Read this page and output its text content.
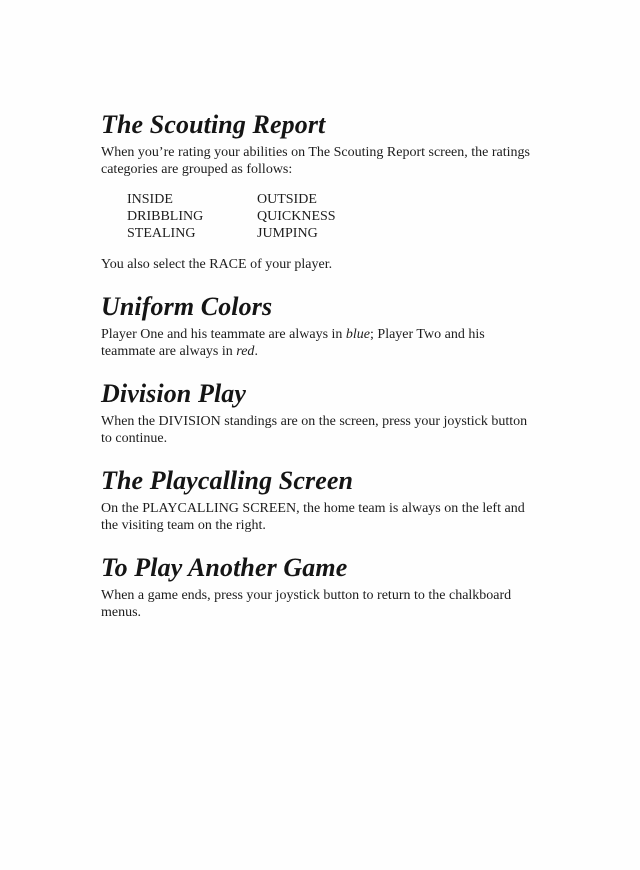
The Scouting Report

When you’re rating your abilities on The Scouting Report screen, the ratings categories are grouped as follows:

INSIDE	OUTSIDE
DRIBBLING	QUICKNESS
STEALING	JUMPING

You also select the RACE of your player.

Uniform Colors

Player One and his teammate are always in blue; Player Two and his teammate are always in red.

Division Play

When the DIVISION standings are on the screen, press your joystick button to continue.

The Playcalling Screen

On the PLAYCALLING SCREEN, the home team is always on the left and the visiting team on the right.

To Play Another Game

When a game ends, press your joystick button to return to the chalkboard menus.
